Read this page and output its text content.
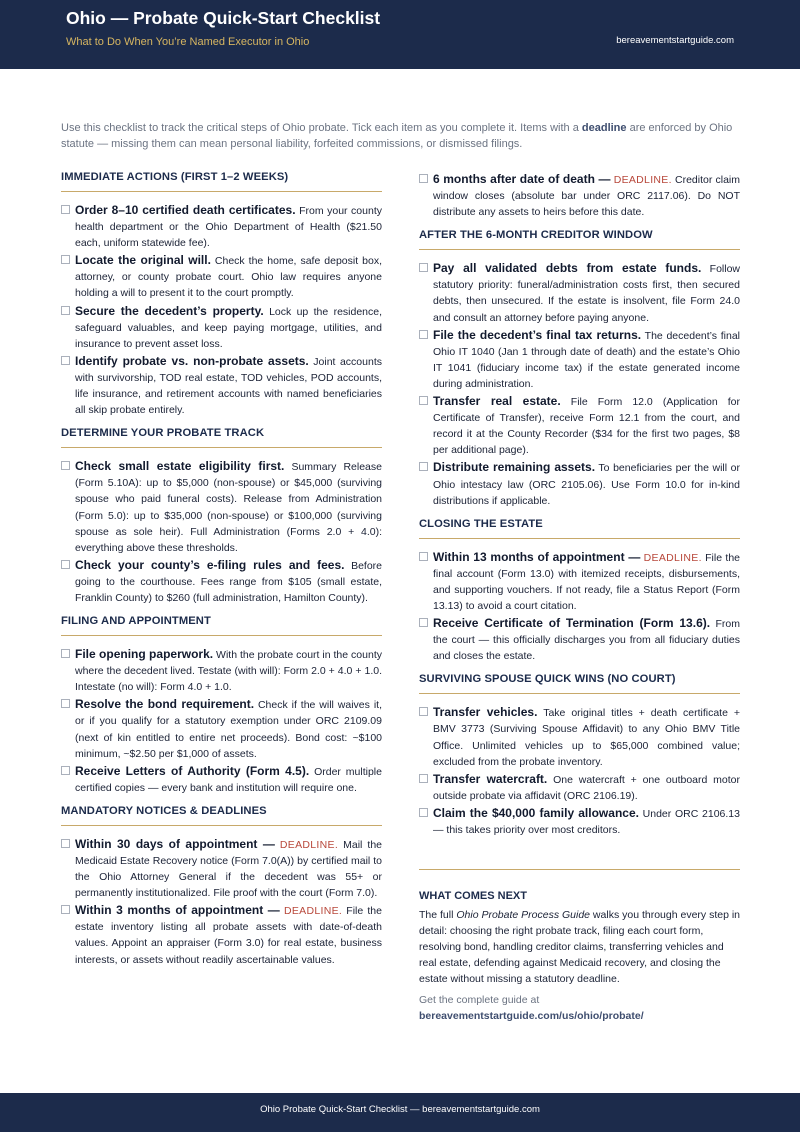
Ohio — Probate Quick-Start Checklist
What to Do When You’re Named Executor in Ohio	bereavementstartguide.com

Use this checklist to track the critical steps of Ohio probate. Tick each item as you complete it. Items with a deadline are enforced by Ohio statute — missing them can mean personal liability, forfeited commissions, or dismissed filings.

IMMEDIATE ACTIONS (FIRST 1–2 WEEKS)
Order 8–10 certified death certificates. From your county health department or the Ohio Department of Health ($21.50 each, uniform statewide fee).
Locate the original will. Check the home, safe deposit box, attorney, or county probate court. Ohio law requires anyone holding a will to present it to the court promptly.
Secure the decedent’s property. Lock up the residence, safeguard valuables, and keep paying mortgage, utilities, and insurance to prevent asset loss.
Identify probate vs. non-probate assets. Joint accounts with survivorship, TOD real estate, TOD vehicles, POD accounts, life insurance, and retirement accounts with named beneficiaries all skip probate entirely.
DETERMINE YOUR PROBATE TRACK
Check small estate eligibility first. Summary Release (Form 5.10A): up to $5,000 (non-spouse) or $45,000 (surviving spouse who paid funeral costs). Release from Administration (Form 5.0): up to $35,000 (non-spouse) or $100,000 (surviving spouse as sole heir). Full Administration (Forms 2.0 + 4.0): everything above these thresholds.
Check your county’s e-filing rules and fees. Before going to the courthouse. Fees range from $105 (small estate, Franklin County) to $260 (full administration, Hamilton County).
FILING AND APPOINTMENT
File opening paperwork. With the probate court in the county where the decedent lived. Testate (with will): Form 2.0 + 4.0 + 1.0. Intestate (no will): Form 4.0 + 1.0.
Resolve the bond requirement. Check if the will waives it, or if you qualify for a statutory exemption under ORC 2109.09 (next of kin entitled to entire net proceeds). Bond cost: ~$100 minimum, ~$2.50 per $1,000 of assets.
Receive Letters of Authority (Form 4.5). Order multiple certified copies — every bank and institution will require one.
MANDATORY NOTICES & DEADLINES
Within 30 days of appointment — DEADLINE. Mail the Medicaid Estate Recovery notice (Form 7.0(A)) by certified mail to the Ohio Attorney General if the decedent was 55+ or permanently institutionalized. File proof with the court (Form 7.0).
Within 3 months of appointment — DEADLINE. File the estate inventory listing all probate assets with date-of-death values. Appoint an appraiser (Form 3.0) for real estate, business interests, or assets without readily ascertainable values.
6 months after date of death — DEADLINE. Creditor claim window closes (absolute bar under ORC 2117.06). Do NOT distribute any assets to heirs before this date.
AFTER THE 6-MONTH CREDITOR WINDOW
Pay all validated debts from estate funds. Follow statutory priority: funeral/administration costs first, then secured debts, then unsecured. If the estate is insolvent, file Form 24.0 and consult an attorney before paying anyone.
File the decedent’s final tax returns. The decedent’s final Ohio IT 1040 (Jan 1 through date of death) and the estate’s Ohio IT 1041 (fiduciary income tax) if the estate generated income during administration.
Transfer real estate. File Form 12.0 (Application for Certificate of Transfer), receive Form 12.1 from the court, and record it at the County Recorder ($34 for the first two pages, $8 per additional page).
Distribute remaining assets. To beneficiaries per the will or Ohio intestacy law (ORC 2105.06). Use Form 10.0 for in-kind distributions if applicable.
CLOSING THE ESTATE
Within 13 months of appointment — DEADLINE. File the final account (Form 13.0) with itemized receipts, disbursements, and supporting vouchers. If not ready, file a Status Report (Form 13.13) to avoid a court citation.
Receive Certificate of Termination (Form 13.6). From the court — this officially discharges you from all fiduciary duties and closes the estate.
SURVIVING SPOUSE QUICK WINS (NO COURT)
Transfer vehicles. Take original titles + death certificate + BMV 3773 (Surviving Spouse Affidavit) to any Ohio BMV Title Office. Unlimited vehicles up to $65,000 combined value; excluded from the probate inventory.
Transfer watercraft. One watercraft + one outboard motor outside probate via affidavit (ORC 2106.19).
Claim the $40,000 family allowance. Under ORC 2106.13 — this takes priority over most creditors.
WHAT COMES NEXT

The full Ohio Probate Process Guide walks you through every step in detail: choosing the right probate track, filing each court form, resolving bond, handling creditor claims, transferring vehicles and real estate, defending against Medicaid recovery, and closing the estate without missing a statutory deadline.

Get the complete guide at
bereavementstartguide.com/us/ohio/probate/
Ohio Probate Quick-Start Checklist — bereavementstartguide.com
